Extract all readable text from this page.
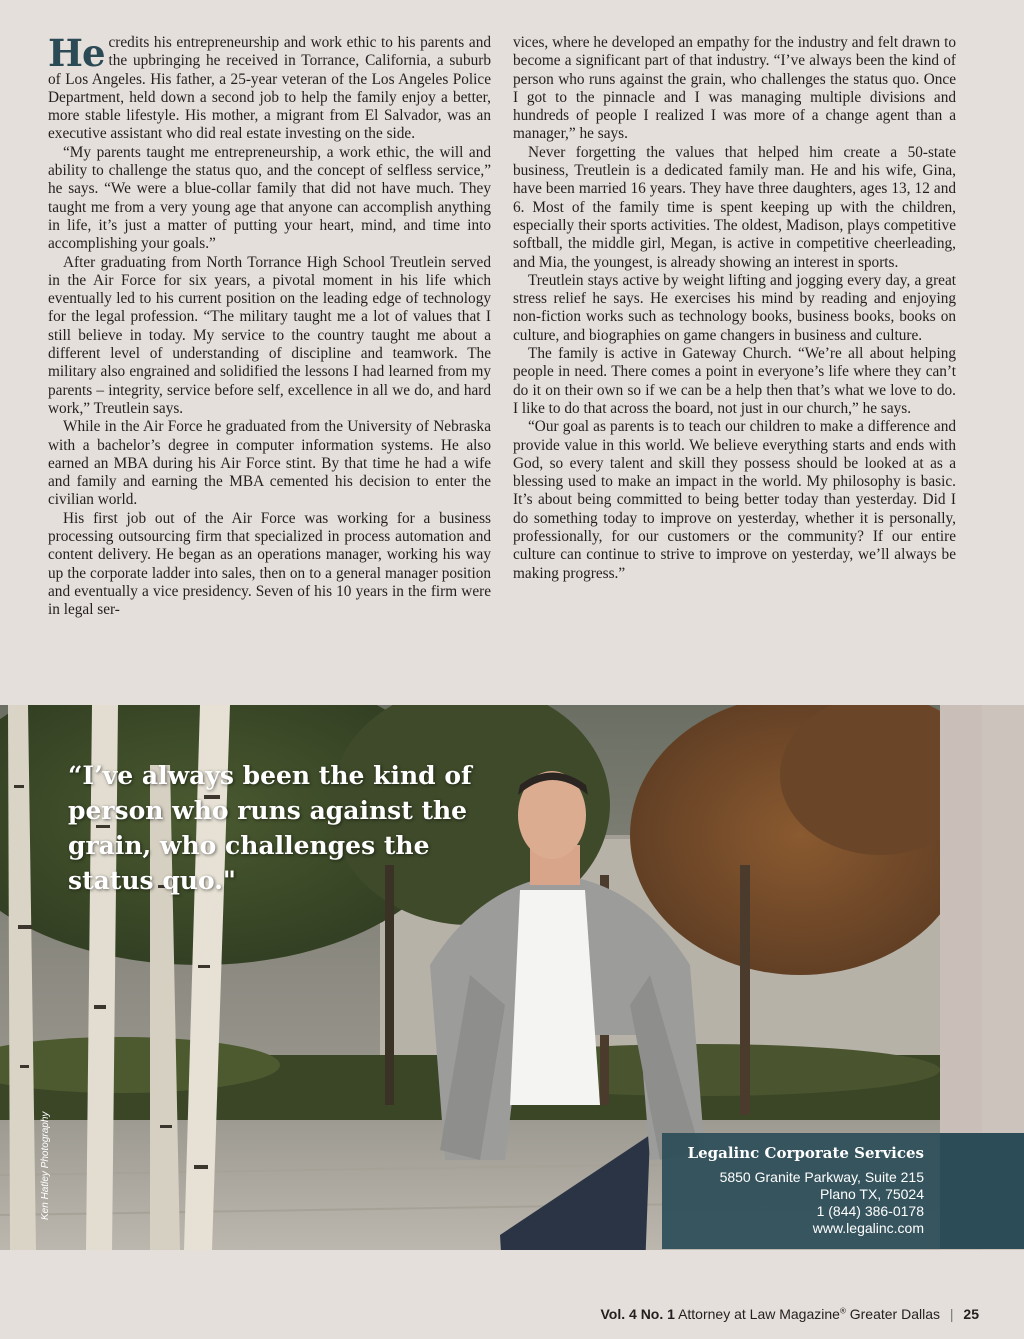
He credits his entrepreneurship and work ethic to his parents and the upbringing he received in Torrance, California, a suburb of Los Angeles. His father, a 25-year veteran of the Los Angeles Police Department, held down a second job to help the family enjoy a better, more stable lifestyle. His mother, a migrant from El Salvador, was an executive assistant who did real estate investing on the side.

“My parents taught me entrepreneurship, a work ethic, the will and ability to challenge the status quo, and the concept of selfless service,” he says. “We were a blue-collar family that did not have much. They taught me from a very young age that anyone can accomplish anything in life, it’s just a matter of putting your heart, mind, and time into accomplishing your goals.”

After graduating from North Torrance High School Treutlein served in the Air Force for six years, a pivotal moment in his life which eventually led to his current position on the leading edge of technology for the legal profession. “The military taught me a lot of values that I still believe in today. My service to the country taught me about a different level of understanding of discipline and teamwork. The military also engrained and solidified the lessons I had learned from my parents – integrity, service before self, excellence in all we do, and hard work,” Treutlein says.

While in the Air Force he graduated from the University of Nebraska with a bachelor’s degree in computer information systems. He also earned an MBA during his Air Force stint. By that time he had a wife and family and earning the MBA cemented his decision to enter the civilian world.

His first job out of the Air Force was working for a business processing outsourcing firm that specialized in process automation and content delivery. He began as an operations manager, working his way up the corporate ladder into sales, then on to a general manager position and eventually a vice presidency. Seven of his 10 years in the firm were in legal ser-

vices, where he developed an empathy for the industry and felt drawn to become a significant part of that industry. “I’ve always been the kind of person who runs against the grain, who challenges the status quo. Once I got to the pinnacle and I was managing multiple divisions and hundreds of people I realized I was more of a change agent than a manager,” he says.

Never forgetting the values that helped him create a 50-state business, Treutlein is a dedicated family man. He and his wife, Gina, have been married 16 years. They have three daughters, ages 13, 12 and 6. Most of the family time is spent keeping up with the children, especially their sports activities. The oldest, Madison, plays competitive softball, the middle girl, Megan, is active in competitive cheerleading, and Mia, the youngest, is already showing an interest in sports.

Treutlein stays active by weight lifting and jogging every day, a great stress relief he says. He exercises his mind by reading and enjoying non-fiction works such as technology books, business books, books on culture, and biographies on game changers in business and culture.

The family is active in Gateway Church. “We’re all about helping people in need. There comes a point in everyone’s life where they can’t do it on their own so if we can be a help then that’s what we love to do. I like to do that across the board, not just in our church,” he says.

“Our goal as parents is to teach our children to make a difference and provide value in this world. We believe everything starts and ends with God, so every talent and skill they possess should be looked at as a blessing used to make an impact in the world. My philosophy is basic. It’s about being committed to being better today than yesterday. Did I do something today to improve on yesterday, whether it is personally, professionally, for our customers or the community? If our entire culture can continue to strive to improve on yesterday, we’ll always be making progress.”

“I’ve always been the kind of person who runs against the grain, who challenges the status quo."
Ken Hatley Photography	Legalinc Corporate Services
5850 Granite Parkway, Suite 215
Plano TX, 75024
1 (844) 386-0178
www.legalinc.com
Vol. 4 No. 1 Attorney at Law Magazine® Greater Dallas | 25
